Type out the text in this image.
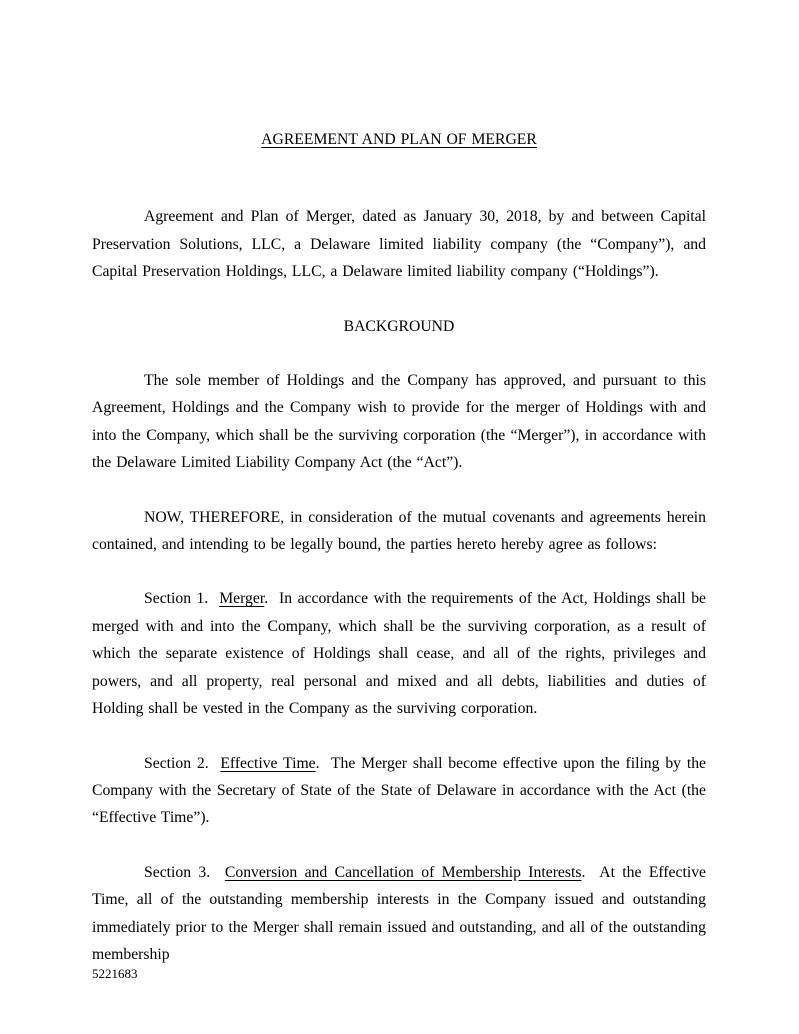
AGREEMENT AND PLAN OF MERGER

Agreement and Plan of Merger, dated as January 30, 2018, by and between Capital Preservation Solutions, LLC, a Delaware limited liability company (the “Company”), and Capital Preservation Holdings, LLC, a Delaware limited liability company (“Holdings”).

BACKGROUND

The sole member of Holdings and the Company has approved, and pursuant to this Agreement, Holdings and the Company wish to provide for the merger of Holdings with and into the Company, which shall be the surviving corporation (the “Merger”), in accordance with the Delaware Limited Liability Company Act (the “Act”).

NOW, THEREFORE, in consideration of the mutual covenants and agreements herein contained, and intending to be legally bound, the parties hereto hereby agree as follows:

Section 1. Merger. In accordance with the requirements of the Act, Holdings shall be merged with and into the Company, which shall be the surviving corporation, as a result of which the separate existence of Holdings shall cease, and all of the rights, privileges and powers, and all property, real personal and mixed and all debts, liabilities and duties of Holding shall be vested in the Company as the surviving corporation.

Section 2. Effective Time. The Merger shall become effective upon the filing by the Company with the Secretary of State of the State of Delaware in accordance with the Act (the “Effective Time”).

Section 3. Conversion and Cancellation of Membership Interests. At the Effective Time, all of the outstanding membership interests in the Company issued and outstanding immediately prior to the Merger shall remain issued and outstanding, and all of the outstanding membership

5221683
